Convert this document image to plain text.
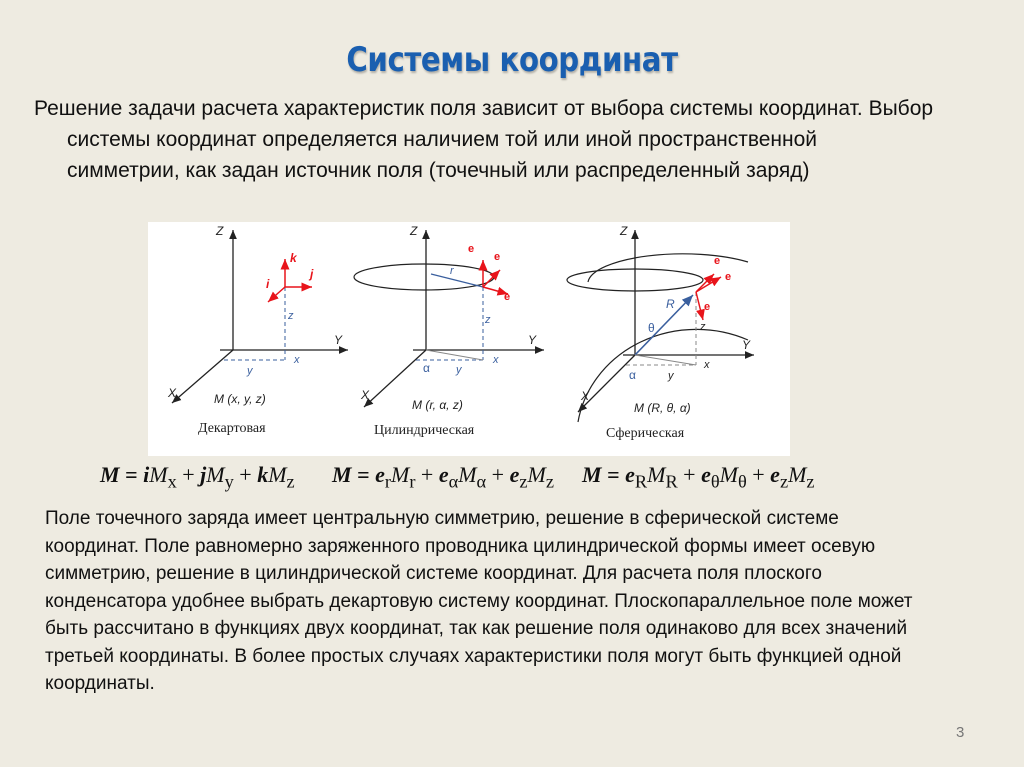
Системы координат

Решение задачи расчета характеристик поля зависит от выбора системы координат. Выбор системы координат определяется наличием той или иной пространственной симметрии, как задан источник поля (точечный или распределенный заряд)

Z
Y
X
k
j
i
z
y
x
M (x, y, z)
Декартовая
Z
Y
X
e
e
e
r
z
y
x
α
M (r, α, z)
Цилиндрическая
Z
Y
X
e
e
e
R
θ	z
y
x
α
M (R, θ, α)
Сферическая
$M = iM_x + jM_y + kM_z$ $M = e_rM_r + e_\alpha M_\alpha + e_zM_z$ $M = e_RM_R + e_\theta M_\theta + e_zM_z$
Поле точечного заряда имеет центральную симметрию, решение в сферической системе координат. Поле равномерно заряженного проводника цилиндрической формы имеет осевую симметрию, решение в цилиндрической системе координат. Для расчета поля плоского конденсатора удобнее выбрать декартовую систему координат. Плоскопараллельное поле может быть рассчитано в функциях двух координат, так как решение поля одинаково для всех значений третьей координаты. В более простых случаях характеристики поля могут быть функцией одной координаты.
3
